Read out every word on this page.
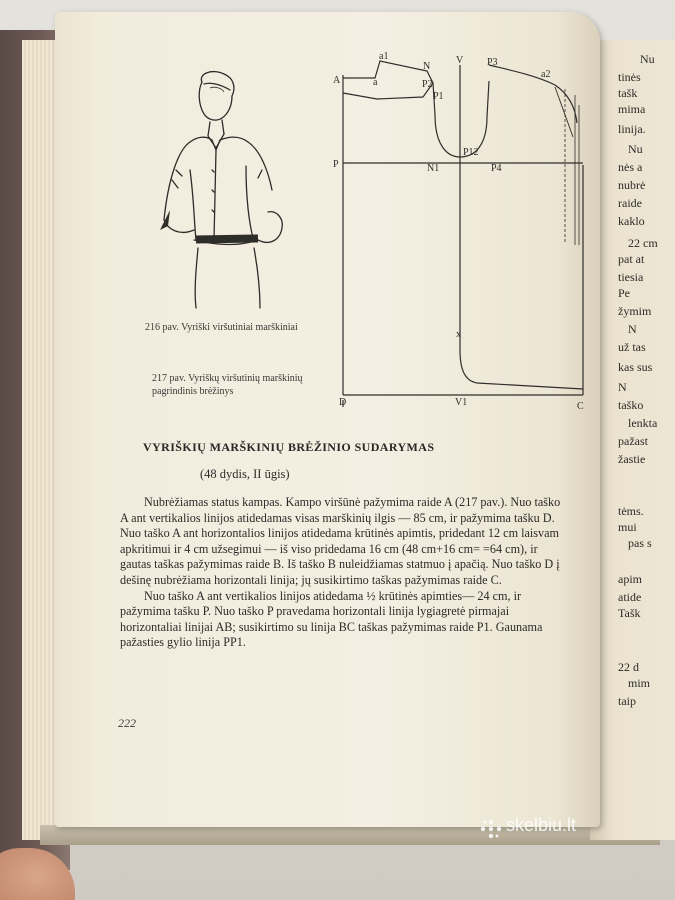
a1
A	a
N
P2
P1
V P3
a2
P	N1
P12
P4
x
D	V1	C
216 pav. Vyriški viršutiniai marškiniai
217 pav. Vyriškų viršutinių marškinių pagrindinis brėžinys
VYRIŠKIŲ MARŠKINIŲ BRĖŽINIO SUDARYMAS
(48 dydis, II ūgis)

Nubrėžiamas status kampas. Kampo viršūnė pažymima raide A (217 pav.). Nuo taško A ant vertikalios linijos atidedamas visas marškinių ilgis — 85 cm, ir pažymima tašku D. Nuo taško A ant horizontalios linijos atidedama krūtinės apimtis, pridedant 12 cm laisvam apkritimui ir 4 cm užsegimui — iš viso pridedama 16 cm (48 cm+16 cm= =64 cm), ir gautas taškas pažymimas raide B. Iš taško B nuleidžiamas statmuo į apačią. Nuo taško D į dešinę nubrėžiama horizontali linija; jų susikirtimo taškas pažymimas raide C.

Nuo taško A ant vertikalios linijos atidedama ½ krūtinės apimties— 24 cm, ir pažymima tašku P. Nuo taško P pravedama horizontali linija lygiagretė pirmajai horizontaliai linijai AB; susikirtimo su linija BC taškas pažymimas raide P1. Gaunama pažasties gylio linija PP1.

222
Nu
tinės
tašk
mima
linija.
Nu
nės a
nubrė
raide
kaklo
22 cm
pat at
tiesia
Pe
žymim
N
už tas
kas sus
N
taško
lenkta
pažast
žastie
tėms.
mui
pas s
apim
atide
Tašk
22 d
mim
taip
skelbiu.lt
